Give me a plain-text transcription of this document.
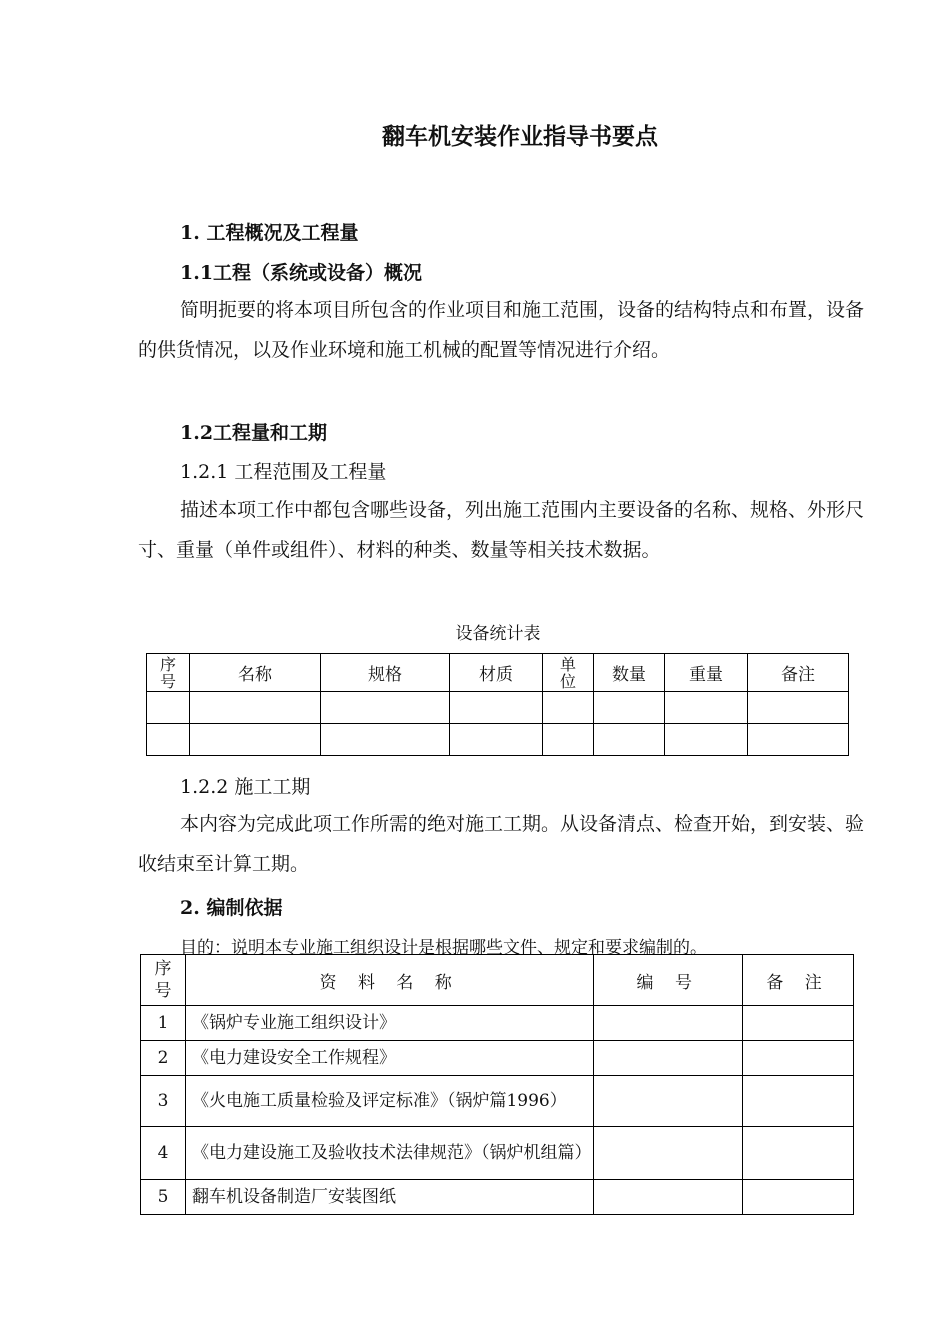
翻车机安装作业指导书要点
1. 工程概况及工程量
1.1工程（系统或设备）概况
简明扼要的将本项目所包含的作业项目和施工范围，设备的结构特点和布置，设备的供货情况，以及作业环境和施工机械的配置等情况进行介绍。
1.2工程量和工期
1.2.1 工程范围及工程量
描述本项工作中都包含哪些设备，列出施工范围内主要设备的名称、规格、外形尺寸、重量（单件或组件）、材料的种类、数量等相关技术数据。
设备统计表
序号	名称	规格	材质	单位	数量	重量	备注

1.2.2 施工工期
本内容为完成此项工作所需的绝对施工工期。从设备清点、检查开始，到安装、验收结束至计算工期。
2. 编制依据
目的：说明本专业施工组织设计是根据哪些文件、规定和要求编制的。
序号	资 料 名 称	编 号	备 注
1	《锅炉专业施工组织设计》		
2	《电力建设安全工作规程》		
3	《火电施工质量检验及评定标准》（锅炉篇1996）		
4	《电力建设施工及验收技术法律规范》（锅炉机组篇）		
5	翻车机设备制造厂安装图纸		
